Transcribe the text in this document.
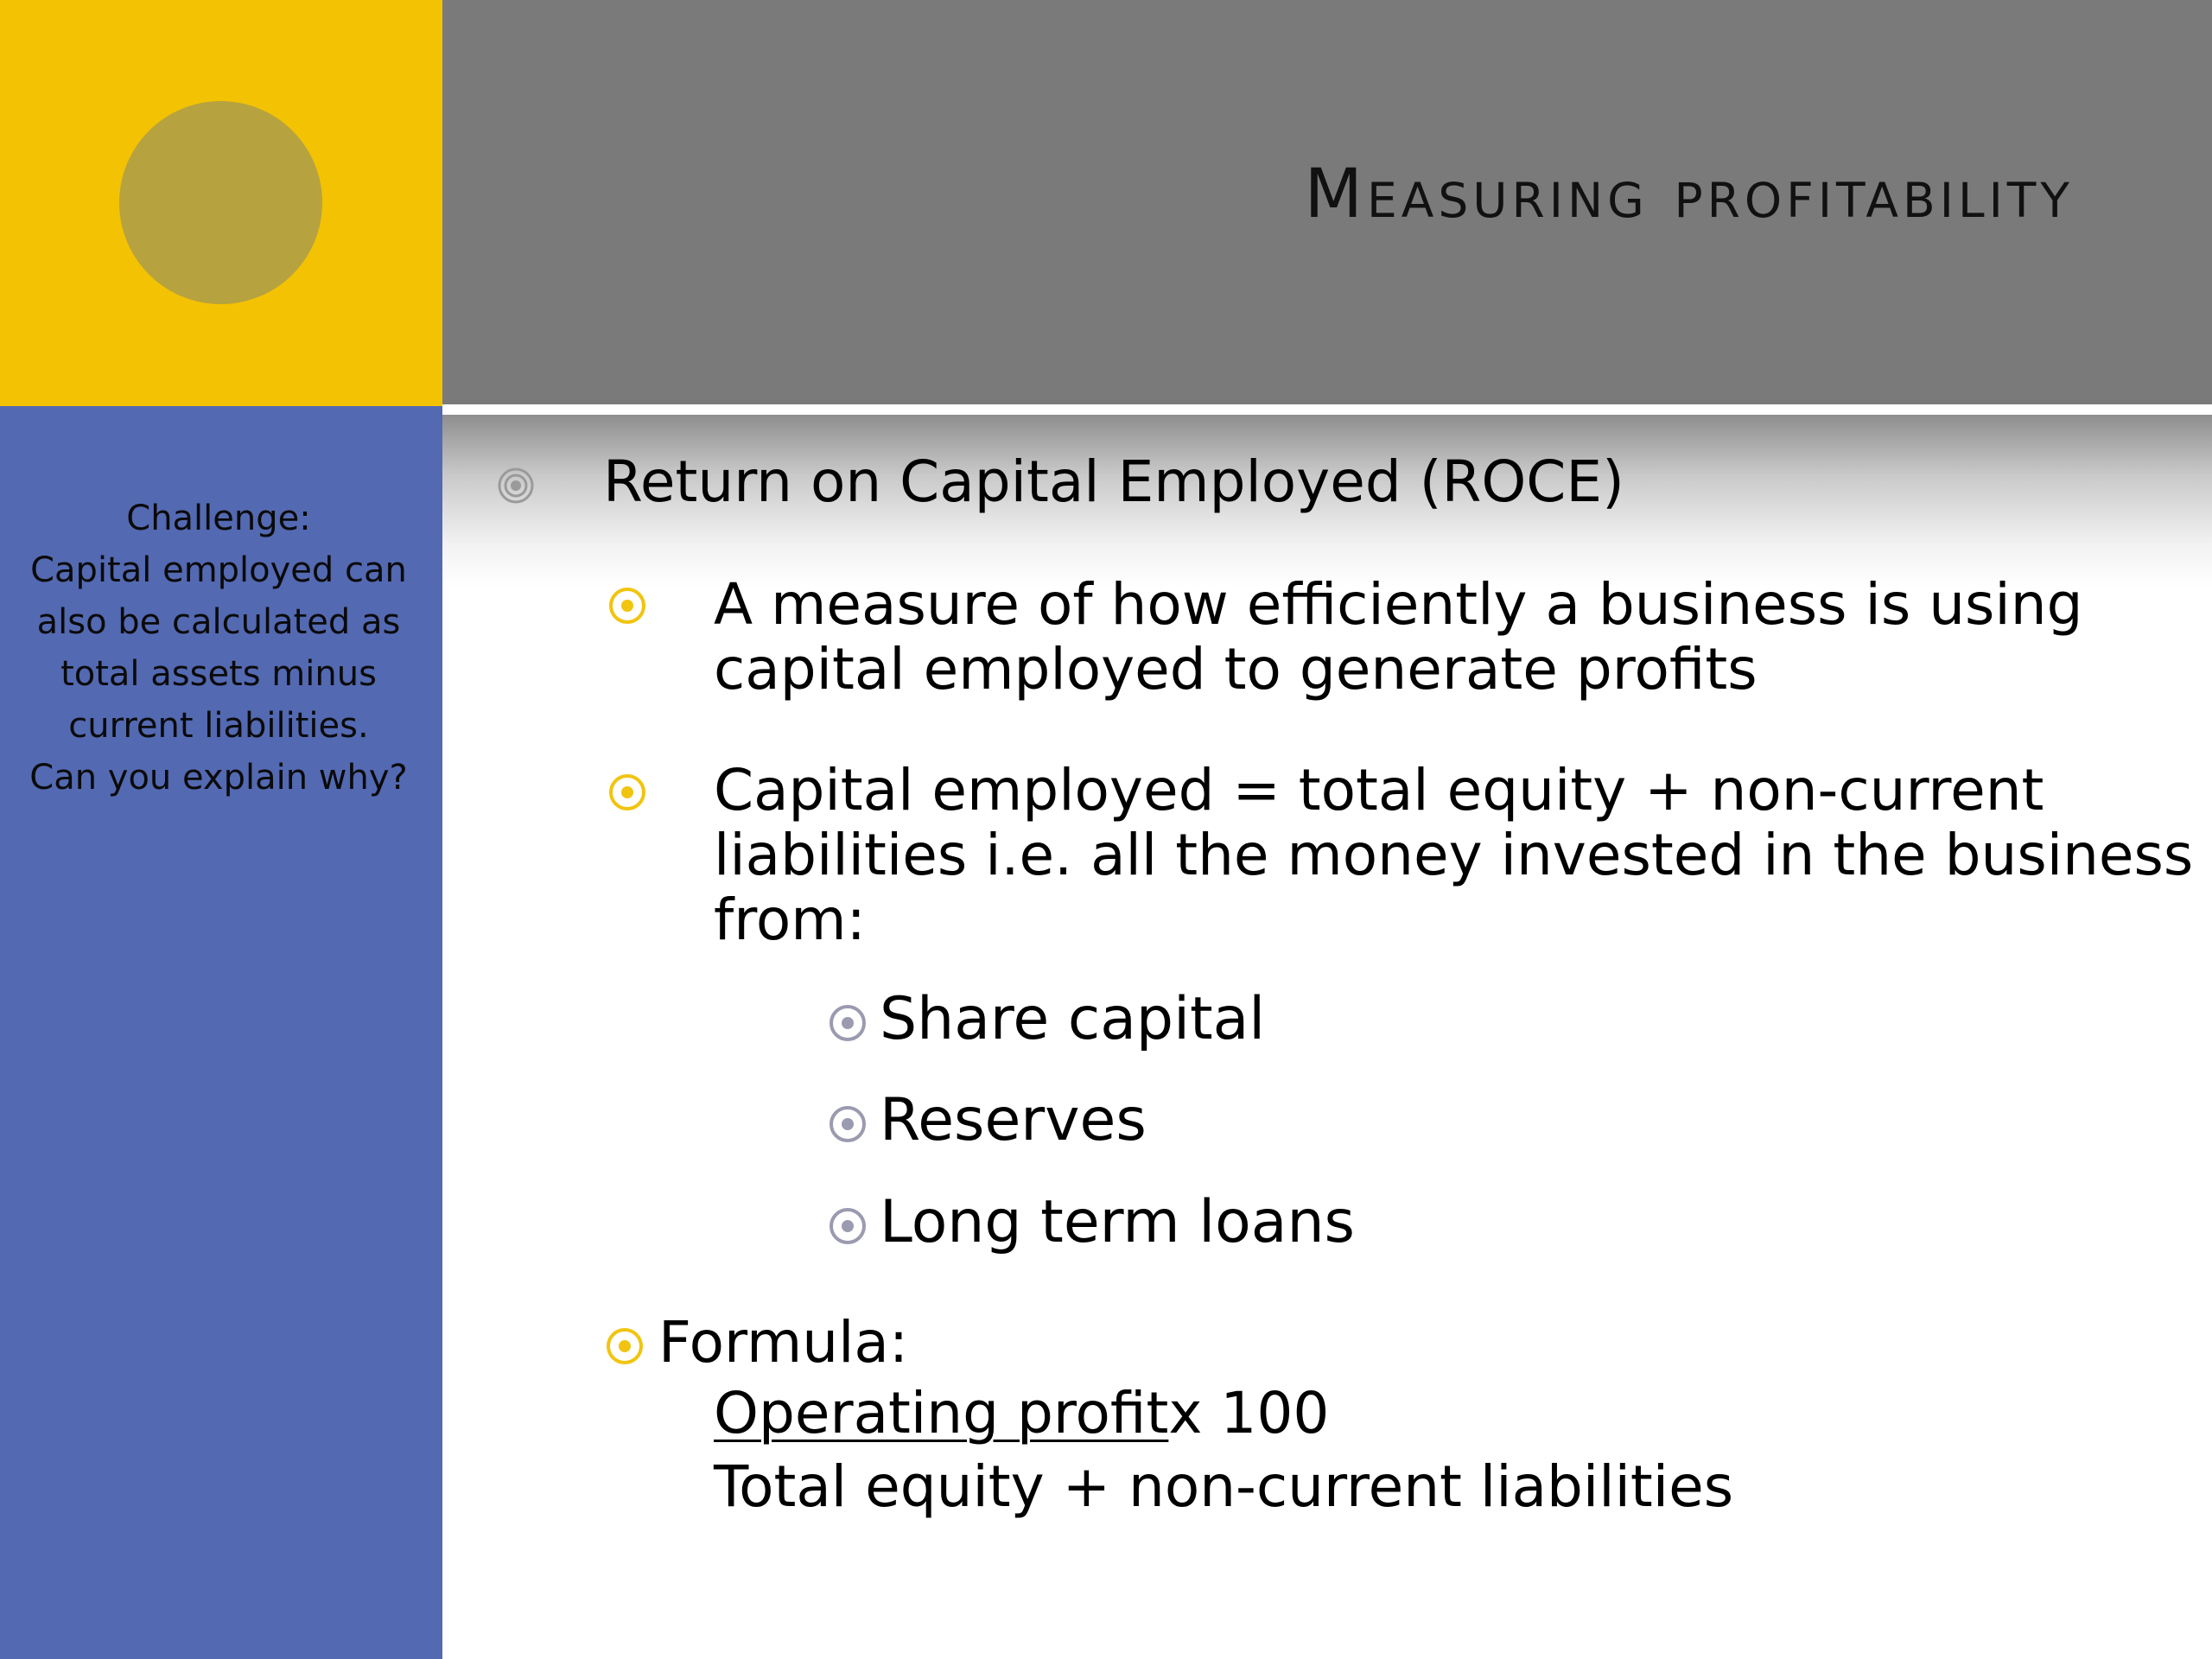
Measuring profitability
Challenge:
Capital employed can
also be calculated as
total assets minus
current liabilities.
Can you explain why?
Return on Capital Employed (ROCE)
A measure of how efficiently a business is using
capital employed to generate profits
Capital employed = total equity + non-current
liabilities i.e. all the money invested in the business
from:
Share capital
Reserves
Long term loans
Formula:
Operating profitx 100
Total equity + non-current liabilities
